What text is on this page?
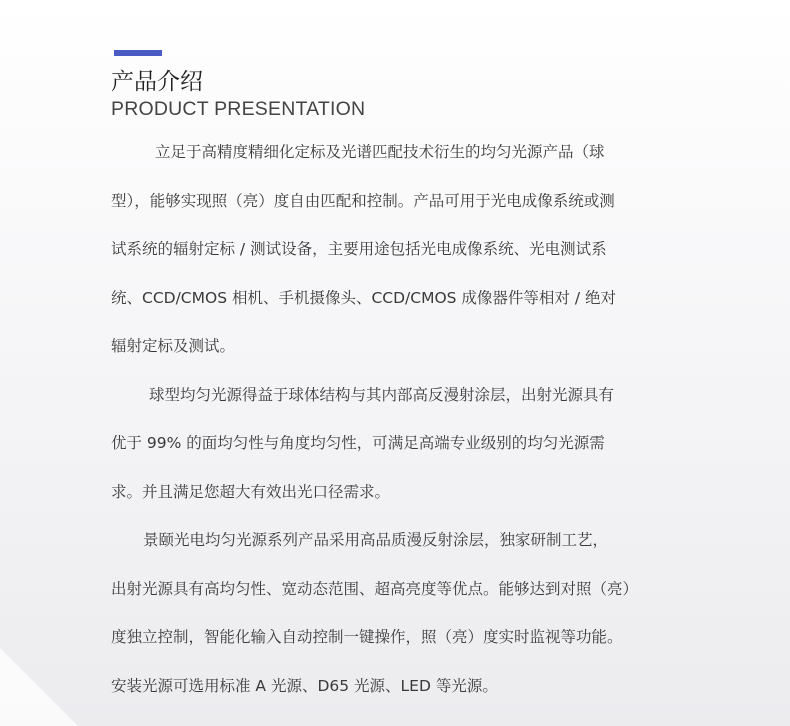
产品介绍
PRODUCT PRESENTATION

立足于高精度精细化定标及光谱匹配技术衍生的均匀光源产品（球
型），能够实现照（亮）度自由匹配和控制。产品可用于光电成像系统或测
试系统的辐射定标 / 测试设备，主要用途包括光电成像系统、光电测试系
统、CCD/CMOS 相机、手机摄像头、CCD/CMOS 成像器件等相对 / 绝对
辐射定标及测试。

球型均匀光源得益于球体结构与其内部高反漫射涂层，出射光源具有
优于 99% 的面均匀性与角度均匀性，可满足高端专业级别的均匀光源需
求。并且满足您超大有效出光口径需求。

景颐光电均匀光源系列产品采用高品质漫反射涂层，独家研制工艺，
出射光源具有高均匀性、宽动态范围、超高亮度等优点。能够达到对照（亮）
度独立控制，智能化输入自动控制一键操作，照（亮）度实时监视等功能。
安装光源可选用标准 A 光源、D65 光源、LED 等光源。
